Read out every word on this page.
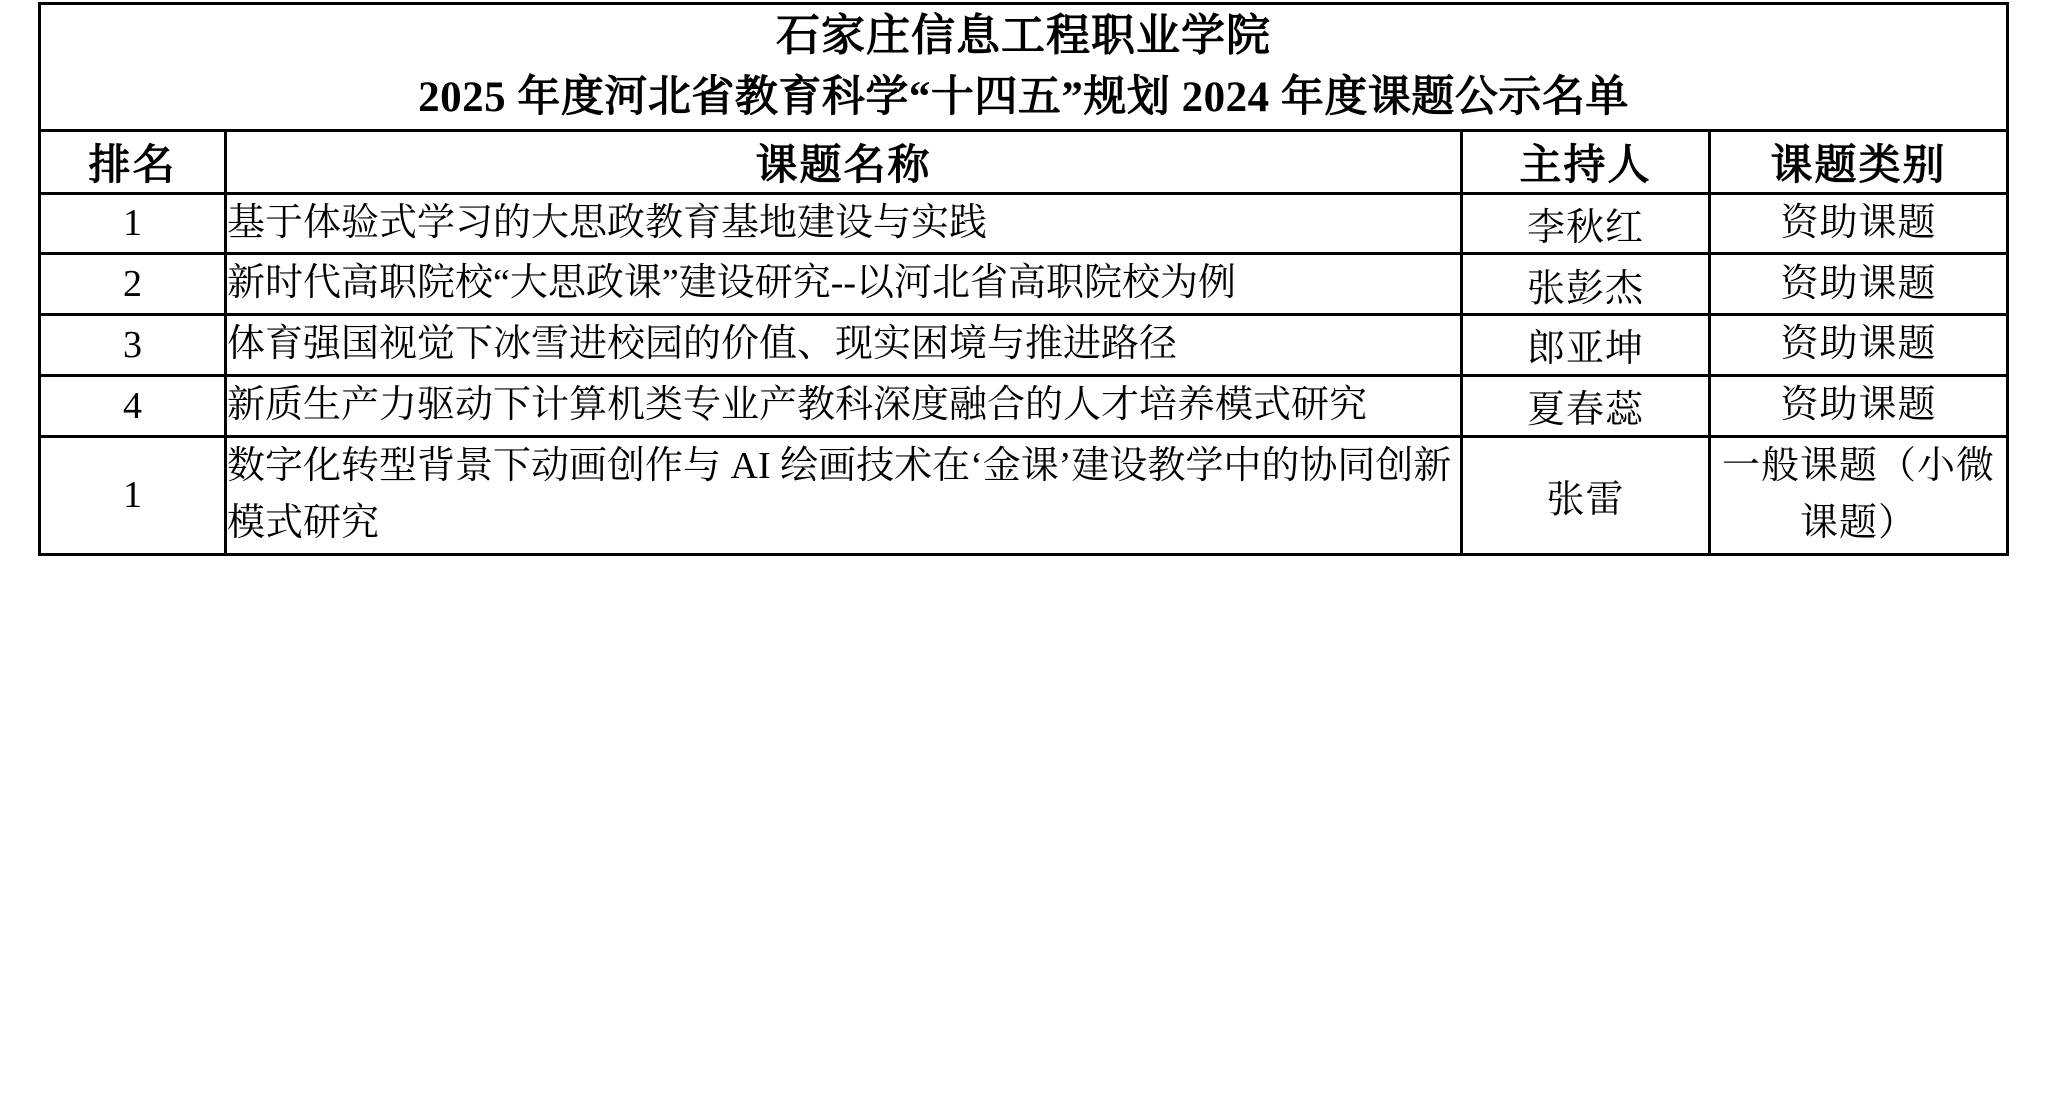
石家庄信息工程职业学院
2025 年度河北省教育科学“十四五”规划 2024 年度课题公示名单			

排名	课题名称	主持人	课题类别
1	基于体验式学习的大思政教育基地建设与实践	李秋红	资助课题
2	新时代高职院校“大思政课”建设研究--以河北省高职院校为例	张彭杰	资助课题
3	体育强国视觉下冰雪进校园的价值、现实困境与推进路径	郎亚坤	资助课题
4	新质生产力驱动下计算机类专业产教科深度融合的人才培养模式研究	夏春蕊	资助课题
1	数字化转型背景下动画创作与 AI 绘画技术在‘金课’建设教学中的协同创新模式研究	张雷	一般课题（小微课题）
